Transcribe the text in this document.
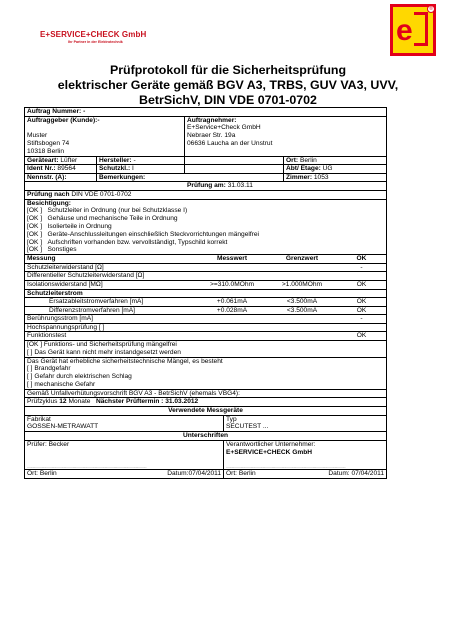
E+SERVICE+CHECK GmbH
Ihr Partner in der Elektrotechnik	e
®
Prüfprotokoll für die Sicherheitsprüfung
elektrischer Geräte gemäß BGV A3, TRBS, GUV VA3, UVV,
BetrSichV, DIN VDE 0701-0702
Auftrag Nummer: -
Auftraggeber (Kunde):-
Muster
Stiftsbogen 74
10318 Berlin
Auftragnehmer:
E+Service+Check GmbH
Nebraer Str. 19a
06636 Laucha an der Unstrut
Geräteart: Lüfter	Hersteller: -	Ort: Berlin
Ident Nr.: 89564	Schutzkl.: I	Abt/ Etage: UG
Nennstr. (A):	Bemerkungen:	Zimmer: 1053
Prüfung am: 31.03.11
Prüfung nach DIN VDE 0701-0702
Besichtigung:
[OK ] Schutzleiter in Ordnung (nur bei Schutzklasse I)
[OK ] Gehäuse und mechanische Teile in Ordnung
[OK ] Isolierteile in Ordnung
[OK ] Geräte-Anschlussleitungen einschließlich Steckvorrichtungen mängelfrei
[OK ] Aufschriften vorhanden bzw. vervollständigt, Typschild korrekt
[OK ] Sonstiges
Messung	Messwert	Grenzwert	OK
Schutzleiterwiderstand [Ω]	-
Differentieller Schutzleiterwiderstand [Ω]
Isolationswiderstand [MΩ]	>=310.0MOhm	>1.000MOhm	OK
Schutzleiterstrom
Ersatzableitstromverfahren [mA]	+0.061mA	<3.500mA	OK
Differenzstromverfahren [mA]	+0.028mA	<3.500mA	OK
Berührungsstrom [mA]	-
Hochspannungsprüfung [ ]
Funktionstest	OK
[OK ] Funktions- und Sicherheitsprüfung mängelfrei
[ ] Das Gerät kann nicht mehr instandgesetzt werden
Das Gerät hat erhebliche sicherheitstechnische Mängel, es besteht
[ ] Brandgefahr
[ ] Gefahr durch elektrischen Schlag
[ ] mechanische Gefahr
Gemäß Unfallverhütungsvorschrift BGV A3 - BetrSichV (ehemals VBG4):
Prüfzyklus 12 Monate Nächster Prüftermin : 31.03.2012
Verwendete Messgeräte
Fabrikat
GOSSEN-METRAWATT
Typ
SECUTEST ...
Unterschriften
Prüfer: Becker
...................................................................................................................................
Verantwortlicher Unternehmer:
E+SERVICE+CHECK GmbH
...................................................................................................................................
Ort: Berlin	Datum:07/04/2011 Ort: Berlin	Datum: 07/04/2011
